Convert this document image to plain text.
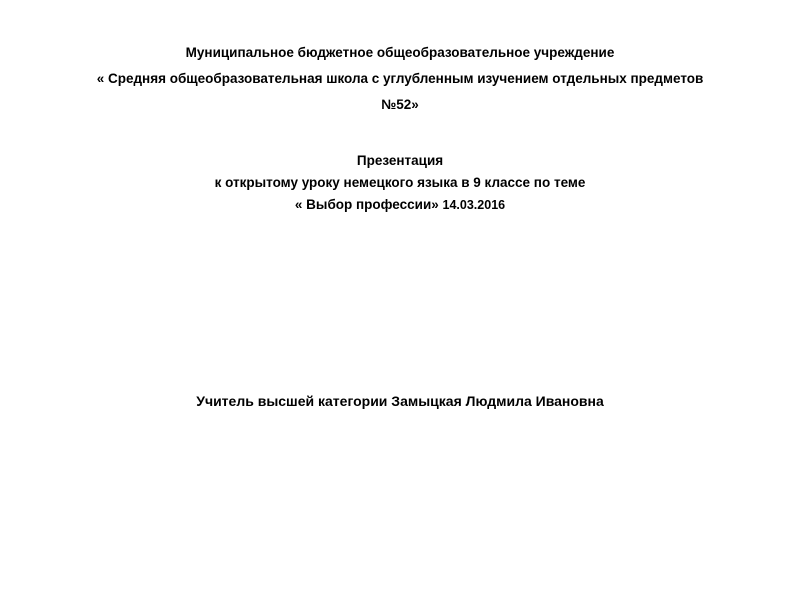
Муниципальное бюджетное общеобразовательное учреждение
« Средняя общеобразовательная школа с углубленным изучением отдельных предметов
№52»
Презентация
к открытому уроку немецкого языка в 9 классе по теме
« Выбор профессии» 14.03.2016
Учитель высшей категории Замыцкая Людмила Ивановна
